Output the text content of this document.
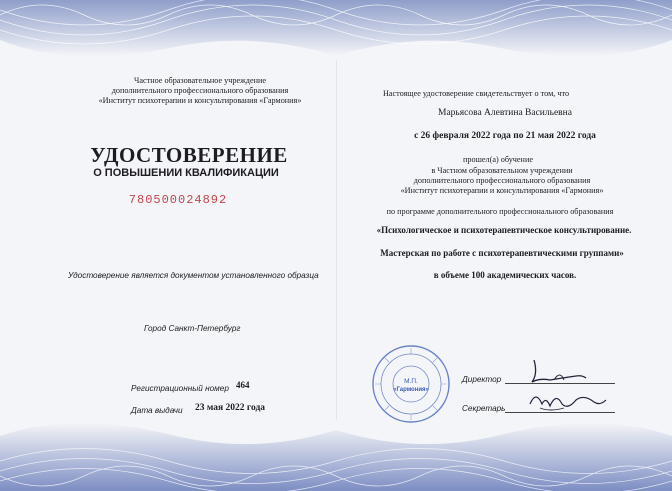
Частное образовательное учреждение
дополнительного профессионального образования
«Институт психотерапии и консультирования «Гармония»
УДОСТОВЕРЕНИЕ
О ПОВЫШЕНИИ КВАЛИФИКАЦИИ
780500024892
Удостоверение является документом установленного образца
Город Санкт-Петербург
Регистрационный номер 464
Дата выдачи 23 мая 2022 года
Настоящее удостоверение свидетельствует о том, что
Марьясова Алевтина Васильевна
с 26 февраля 2022 года по 21 мая 2022 года
прошел(а) обучение
в Частном образовательном учреждении
дополнительного профессионального образования
«Институт психотерапии и консультирования «Гармония»
по программе дополнительного профессионального образования
«Психологическое и психотерапевтическое консультирование.
Мастерская по работе с психотерапевтическими группами»
в объеме 100 академических часов.
Директор
Секретарь
М.П.
«Гармония»
